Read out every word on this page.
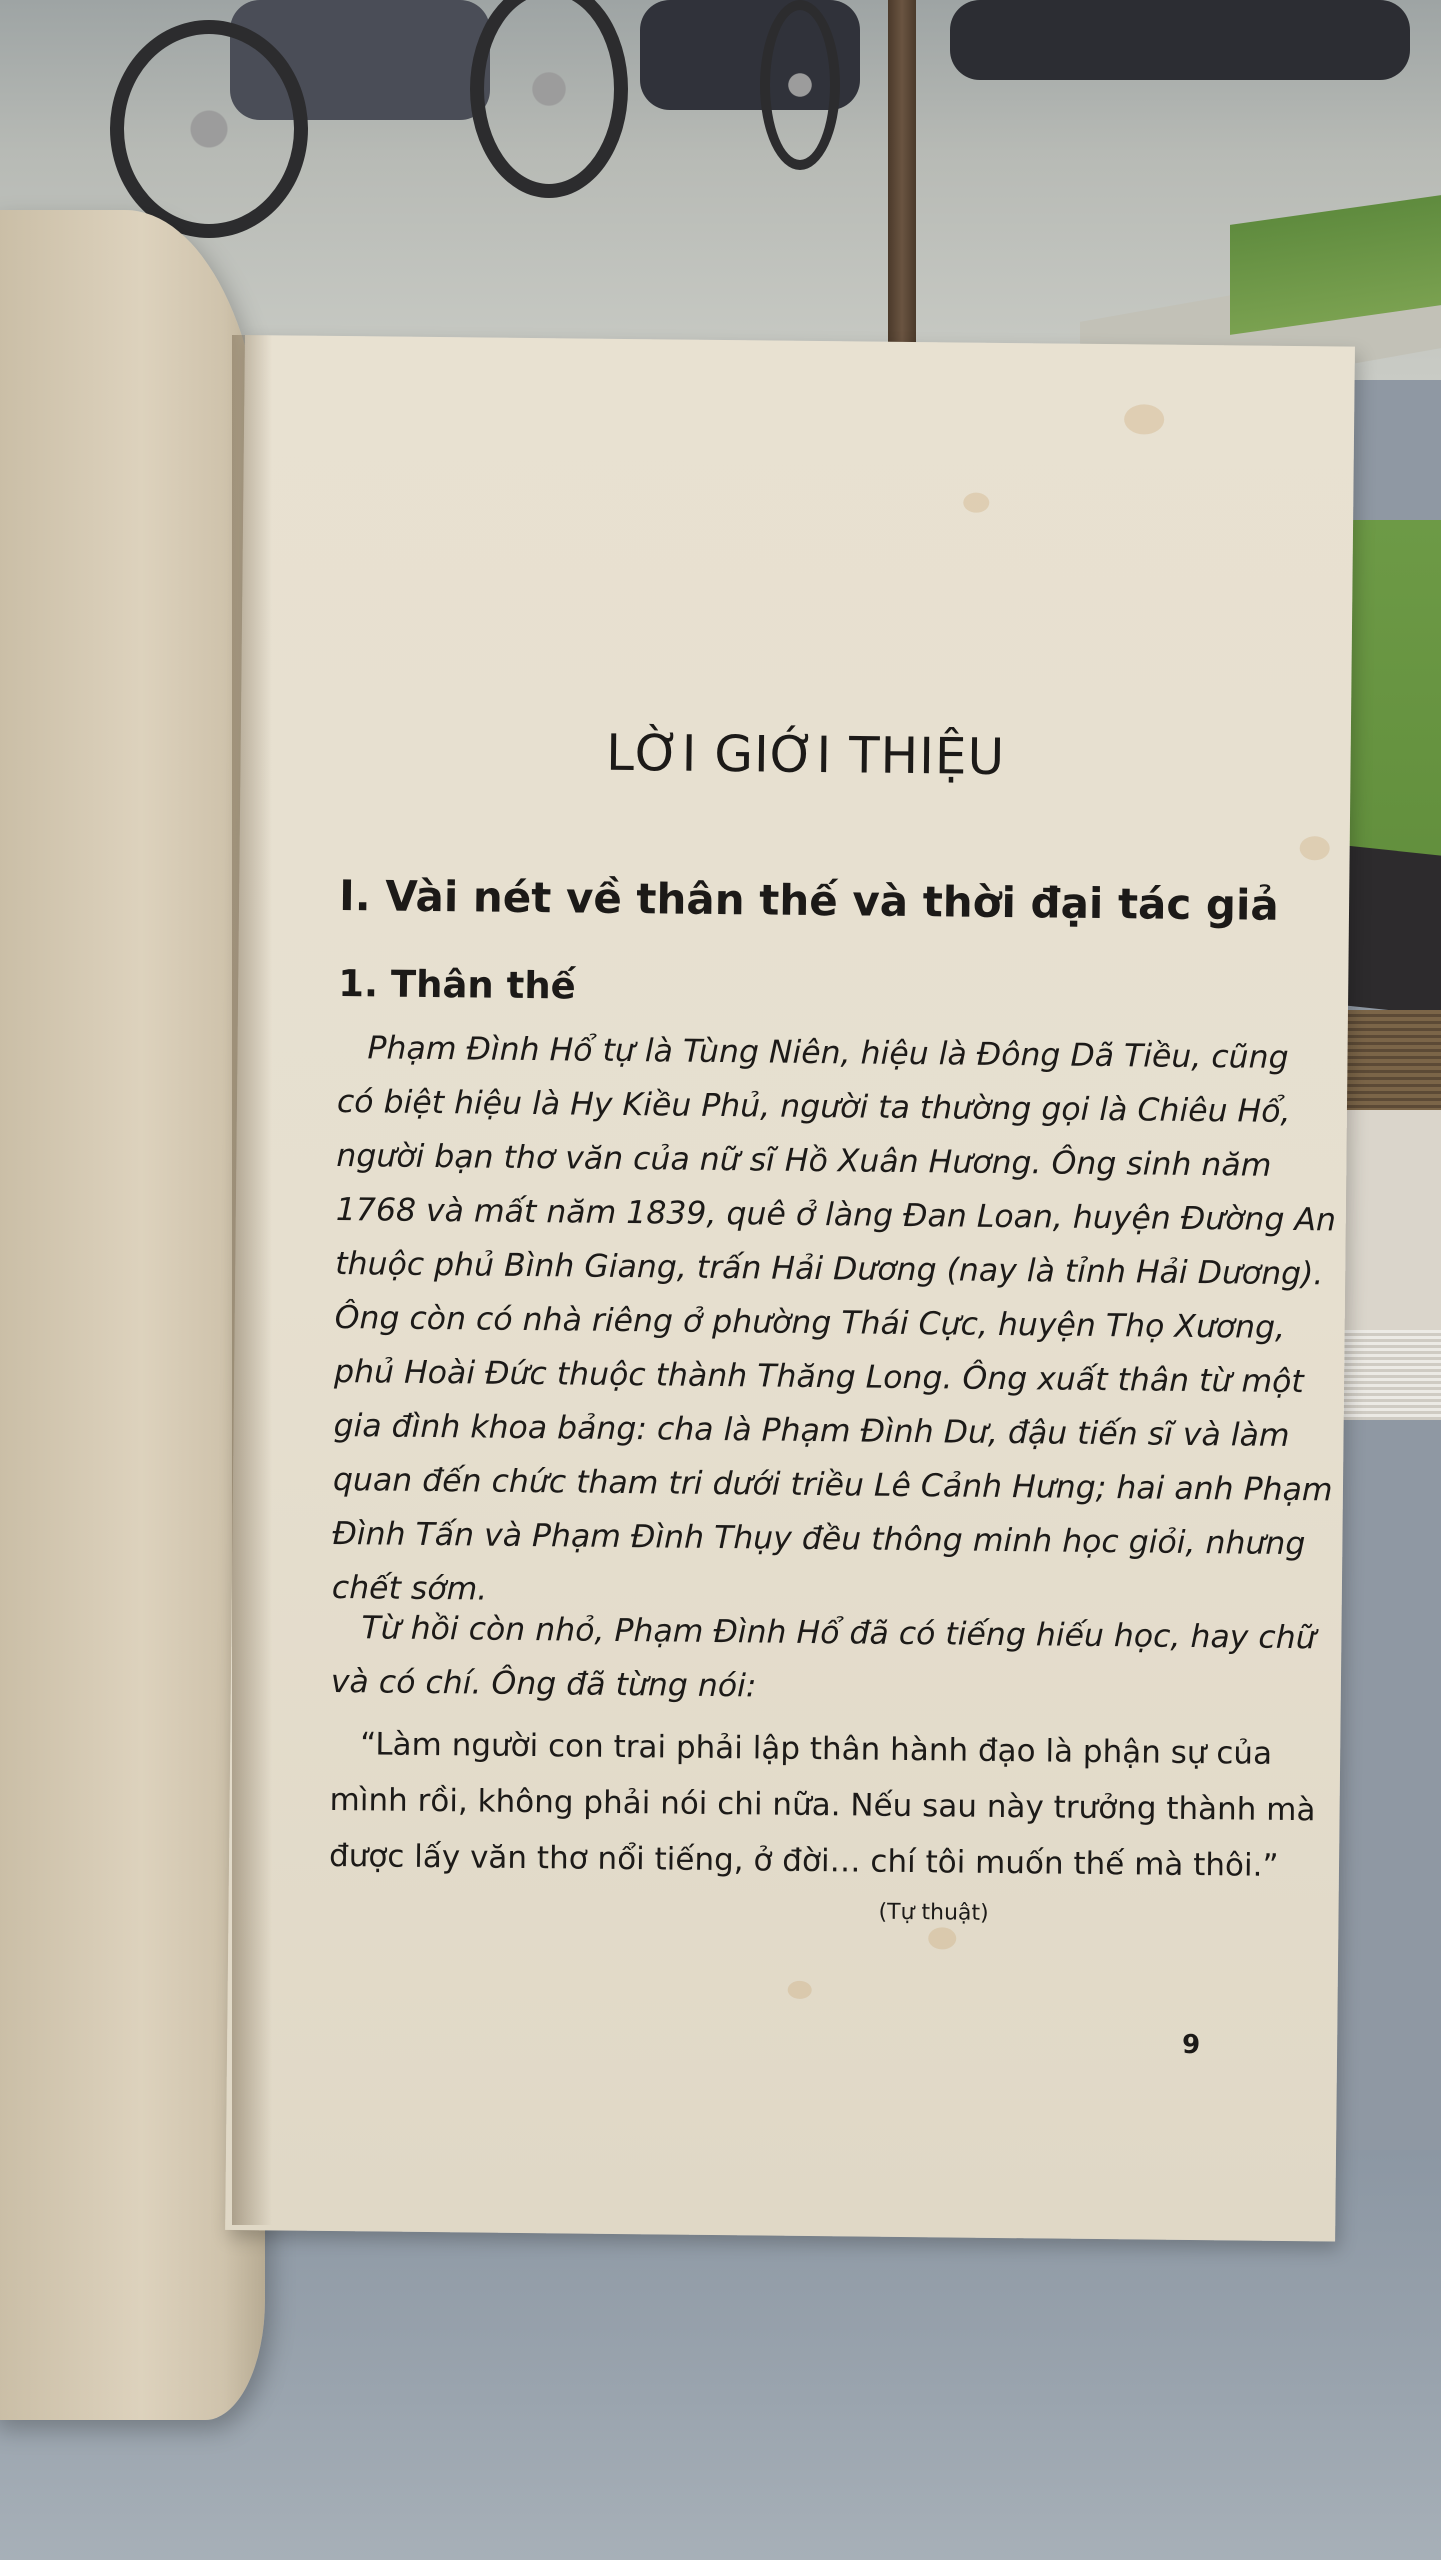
LỜI GIỚI THIỆU
I. Vài nét về thân thế và thời đại tác giả
1. Thân thế

Phạm Đình Hổ tự là Tùng Niên, hiệu là Đông Dã Tiều, cũng
có biệt hiệu là Hy Kiều Phủ, người ta thường gọi là Chiêu Hổ,
người bạn thơ văn của nữ sĩ Hồ Xuân Hương. Ông sinh năm
1768 và mất năm 1839, quê ở làng Đan Loan, huyện Đường An
thuộc phủ Bình Giang, trấn Hải Dương (nay là tỉnh Hải Dương).
Ông còn có nhà riêng ở phường Thái Cực, huyện Thọ Xương,
phủ Hoài Đức thuộc thành Thăng Long. Ông xuất thân từ một
gia đình khoa bảng: cha là Phạm Đình Dư, đậu tiến sĩ và làm
quan đến chức tham tri dưới triều Lê Cảnh Hưng; hai anh Phạm
Đình Tấn và Phạm Đình Thụy đều thông minh học giỏi, nhưng
chết sớm.

Từ hồi còn nhỏ, Phạm Đình Hổ đã có tiếng hiếu học, hay chữ
và có chí. Ông đã từng nói:

“Làm người con trai phải lập thân hành đạo là phận sự của
mình rồi, không phải nói chi nữa. Nếu sau này trưởng thành mà
được lấy văn thơ nổi tiếng, ở đời… chí tôi muốn thế mà thôi.”

(Tự thuật)
9
